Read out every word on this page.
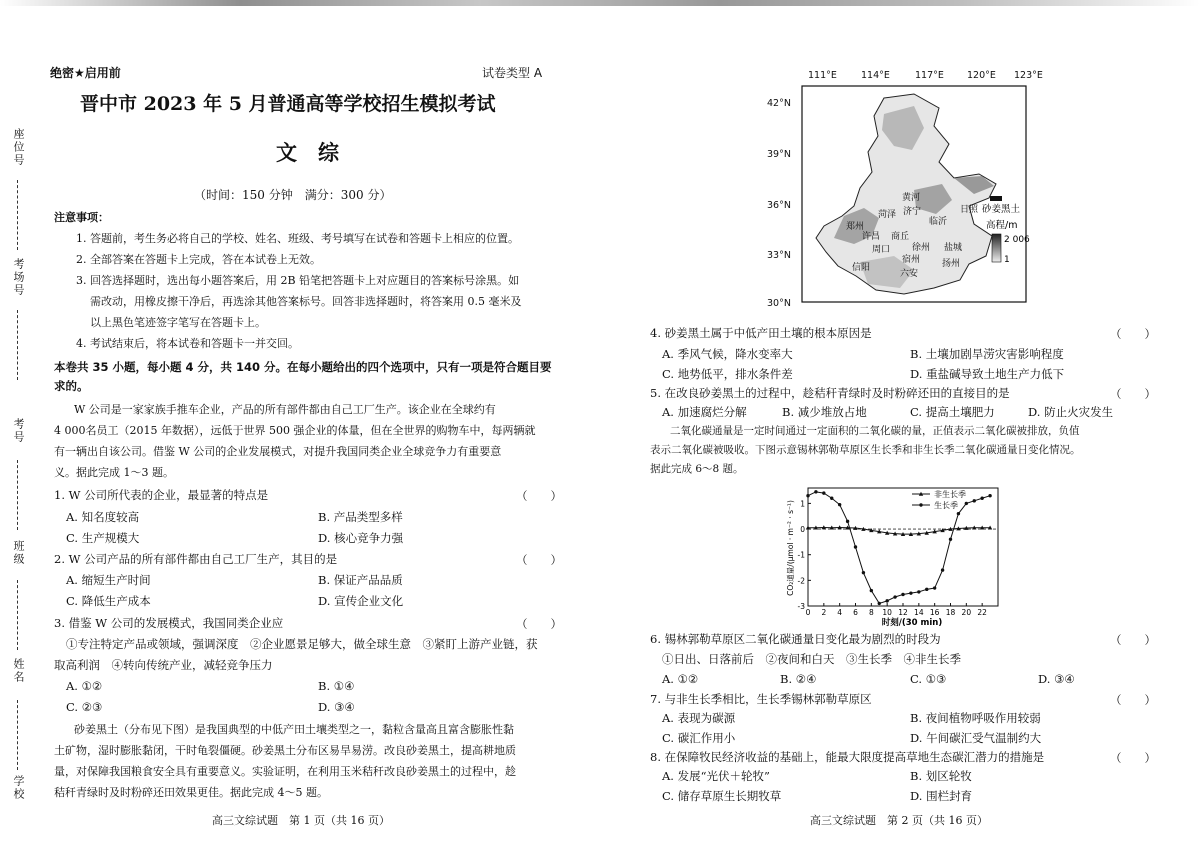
座位号
考场号
考号
班级
姓名
学校
绝密★启用前	试卷类型 A
晋中市 2023 年 5 月普通高等学校招生模拟考试
文　综
（时间：150 分钟　满分：300 分）
注意事项：
1. 答题前，考生务必将自己的学校、姓名、班级、考号填写在试卷和答题卡上相应的位置。
2. 全部答案在答题卡上完成，答在本试卷上无效。
3. 回答选择题时，选出每小题答案后，用 2B 铅笔把答题卡上对应题目的答案标号涂黑。如
需改动，用橡皮擦干净后，再选涂其他答案标号。回答非选择题时，将答案用 0.5 毫米及
以上黑色笔迹签字笔写在答题卡上。
4. 考试结束后，将本试卷和答题卡一并交回。
本卷共 35 小题，每小题 4 分，共 140 分。在每小题给出的四个选项中，只有一项是符合题目要
求的。
W 公司是一家家族手推车企业，产品的所有部件都由自己工厂生产。该企业在全球约有
4 000名员工（2015 年数据），远低于世界 500 强企业的体量，但在全世界的购物车中，每两辆就
有一辆出自该公司。借鉴 W 公司的企业发展模式，对提升我国同类企业全球竞争力有重要意
义。据此完成 1～3 题。
1. W 公司所代表的企业，最显著的特点是	（　　）
A. 知名度较高	B. 产品类型多样
C. 生产规模大	D. 核心竞争力强
2. W 公司产品的所有部件都由自己工厂生产，其目的是	（　　）
A. 缩短生产时间	B. 保证产品品质
C. 降低生产成本	D. 宣传企业文化
3. 借鉴 W 公司的发展模式，我国同类企业应	（　　）
①专注特定产品或领域，强调深度　②企业愿景足够大，做全球生意　③紧盯上游产业链，获
取高利润　④转向传统产业，减轻竞争压力
A. ①②	B. ①④
C. ②③	D. ③④
砂姜黑土（分布见下图）是我国典型的中低产田土壤类型之一，黏粒含量高且富含膨胀性黏
土矿物，湿时膨胀黏闭，干时龟裂僵硬。砂姜黑土分布区易旱易涝。改良砂姜黑土，提高耕地质
量，对保障我国粮食安全具有重要意义。实验证明，在利用玉米秸秆改良砂姜黑土的过程中，趁
秸秆青绿时及时粉碎还田效果更佳。据此完成 4～5 题。
高三文综试题　第 1 页（共 16 页）
111°E	114°E	117°E 120°E 123°E
42°N
39°N
36°N
33°N
30°N
黄河
菏泽 济宁
临沂
日照
郑州
许昌 商丘
周口 徐州
宿州
信阳
六安
盐城
扬州
砂姜黑土
高程/m
2 006
1
4. 砂姜黑土属于中低产田土壤的根本原因是	（　　）
A. 季风气候，降水变率大	B. 土壤加剧旱涝灾害影响程度
C. 地势低平，排水条件差	D. 重盐碱导致土地生产力低下
5. 在改良砂姜黑土的过程中，趁秸秆青绿时及时粉碎还田的直接目的是	（　　）
A. 加速腐烂分解	B. 减少堆放占地	C. 提高土壤肥力	D. 防止火灾发生
二氧化碳通量是一定时间通过一定面积的二氧化碳的量，正值表示二氧化碳被排放，负值
表示二氧化碳被吸收。下图示意锡林郭勒草原区生长季和非生长季二氧化碳通量日变化情况。
据此完成 6～8 题。
0 2 4 6 8 10 12 14 16 18 20 22
-3
-2
-1
0
1
非生长季
生长季
时刻/(30 min)
CO₂通量/(μmol · m⁻² · s⁻¹)
6. 锡林郭勒草原区二氧化碳通量日变化最为剧烈的时段为	（　　）
①日出、日落前后　②夜间和白天　③生长季　④非生长季
A. ①②	B. ②④	C. ①③	D. ③④
7. 与非生长季相比，生长季锡林郭勒草原区	（　　）
A. 表现为碳源	B. 夜间植物呼吸作用较弱
C. 碳汇作用小	D. 午间碳汇受气温制约大
8. 在保障牧民经济收益的基础上，能最大限度提高草地生态碳汇潜力的措施是	（　　）
A. 发展“光伏＋轮牧”	B. 划区轮牧
C. 储存草原生长期牧草	D. 围栏封育
高三文综试题　第 2 页（共 16 页）
